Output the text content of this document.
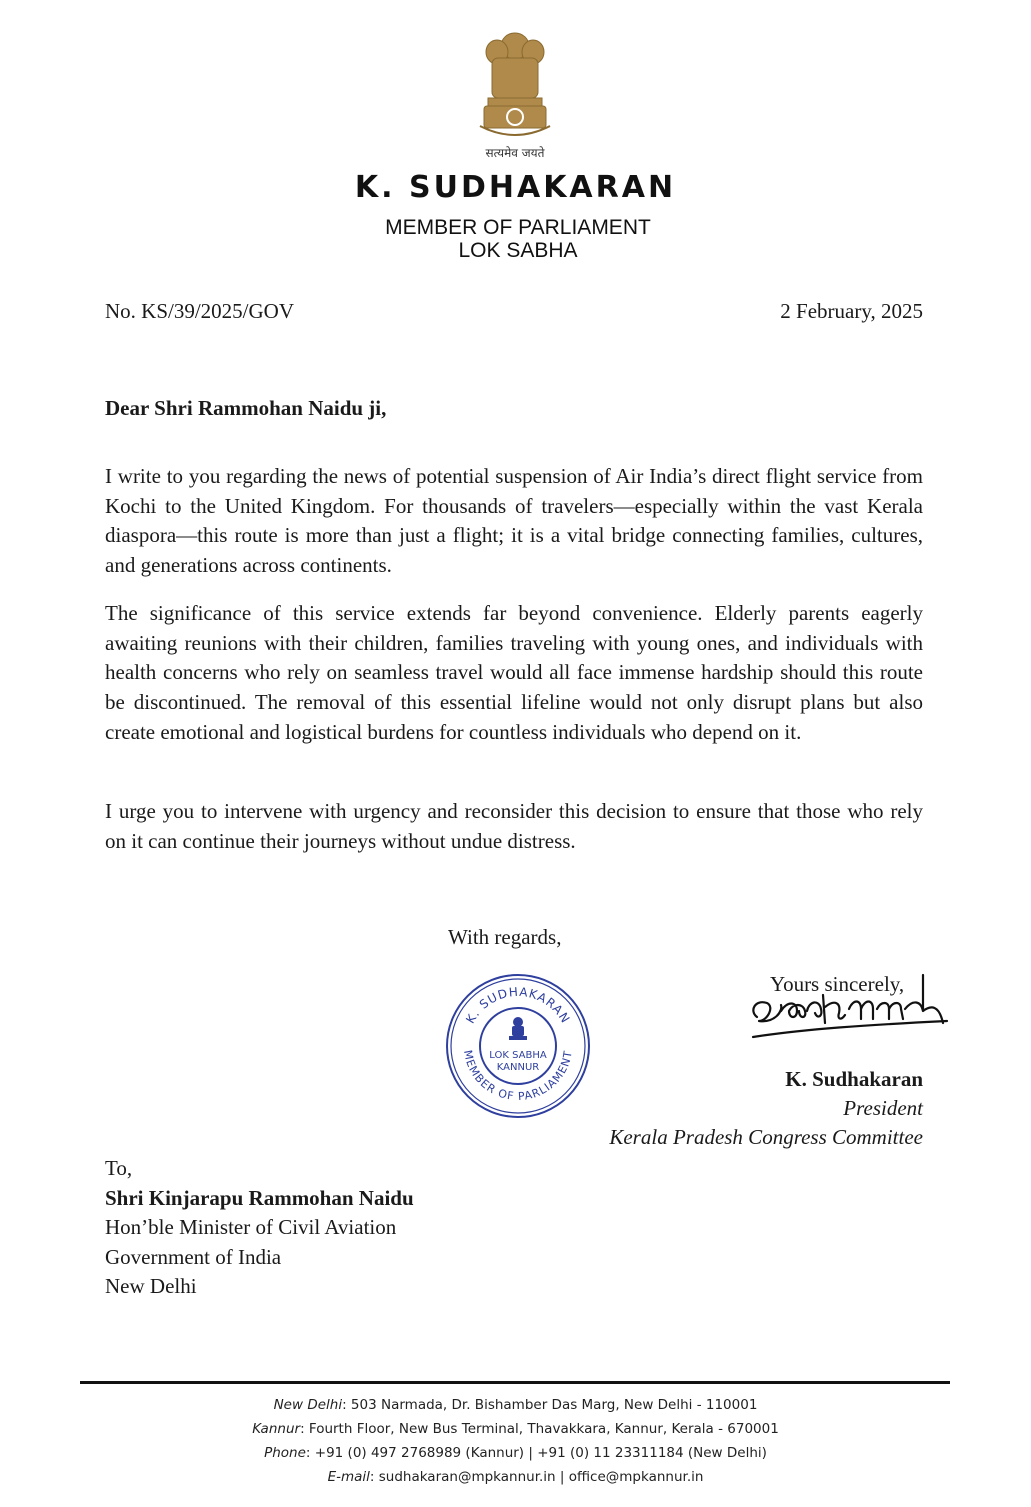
सत्यमेव जयते
K. SUDHAKARAN
MEMBER OF PARLIAMENT
LOK SABHA
No. KS/39/2025/GOV	2 February, 2025
Dear Shri Rammohan Naidu ji,

I write to you regarding the news of potential suspension of Air India’s direct flight service from Kochi to the United Kingdom. For thousands of travelers—especially within the vast Kerala diaspora—this route is more than just a flight; it is a vital bridge connecting families, cultures, and generations across continents.

The significance of this service extends far beyond convenience. Elderly parents eagerly awaiting reunions with their children, families traveling with young ones, and individuals with health concerns who rely on seamless travel would all face immense hardship should this route be discontinued. The removal of this essential lifeline would not only disrupt plans but also create emotional and logistical burdens for countless individuals who depend on it.

I urge you to intervene with urgency and reconsider this decision to ensure that those who rely on it can continue their journeys without undue distress.

With regards,
K. SUDHAKARAN
MEMBER OF PARLIAMENT
LOK SABHA
KANNUR
Yours sincerely,
K. Sudhakaran
President
Kerala Pradesh Congress Committee
To,
Shri Kinjarapu Rammohan Naidu
Hon’ble Minister of Civil Aviation
Government of India
New Delhi
New Delhi: 503 Narmada, Dr. Bishamber Das Marg, New Delhi - 110001
Kannur: Fourth Floor, New Bus Terminal, Thavakkara, Kannur, Kerala - 670001
Phone: +91 (0) 497 2768989 (Kannur) | +91 (0) 11 23311184 (New Delhi)
E-mail: sudhakaran@mpkannur.in | office@mpkannur.in
